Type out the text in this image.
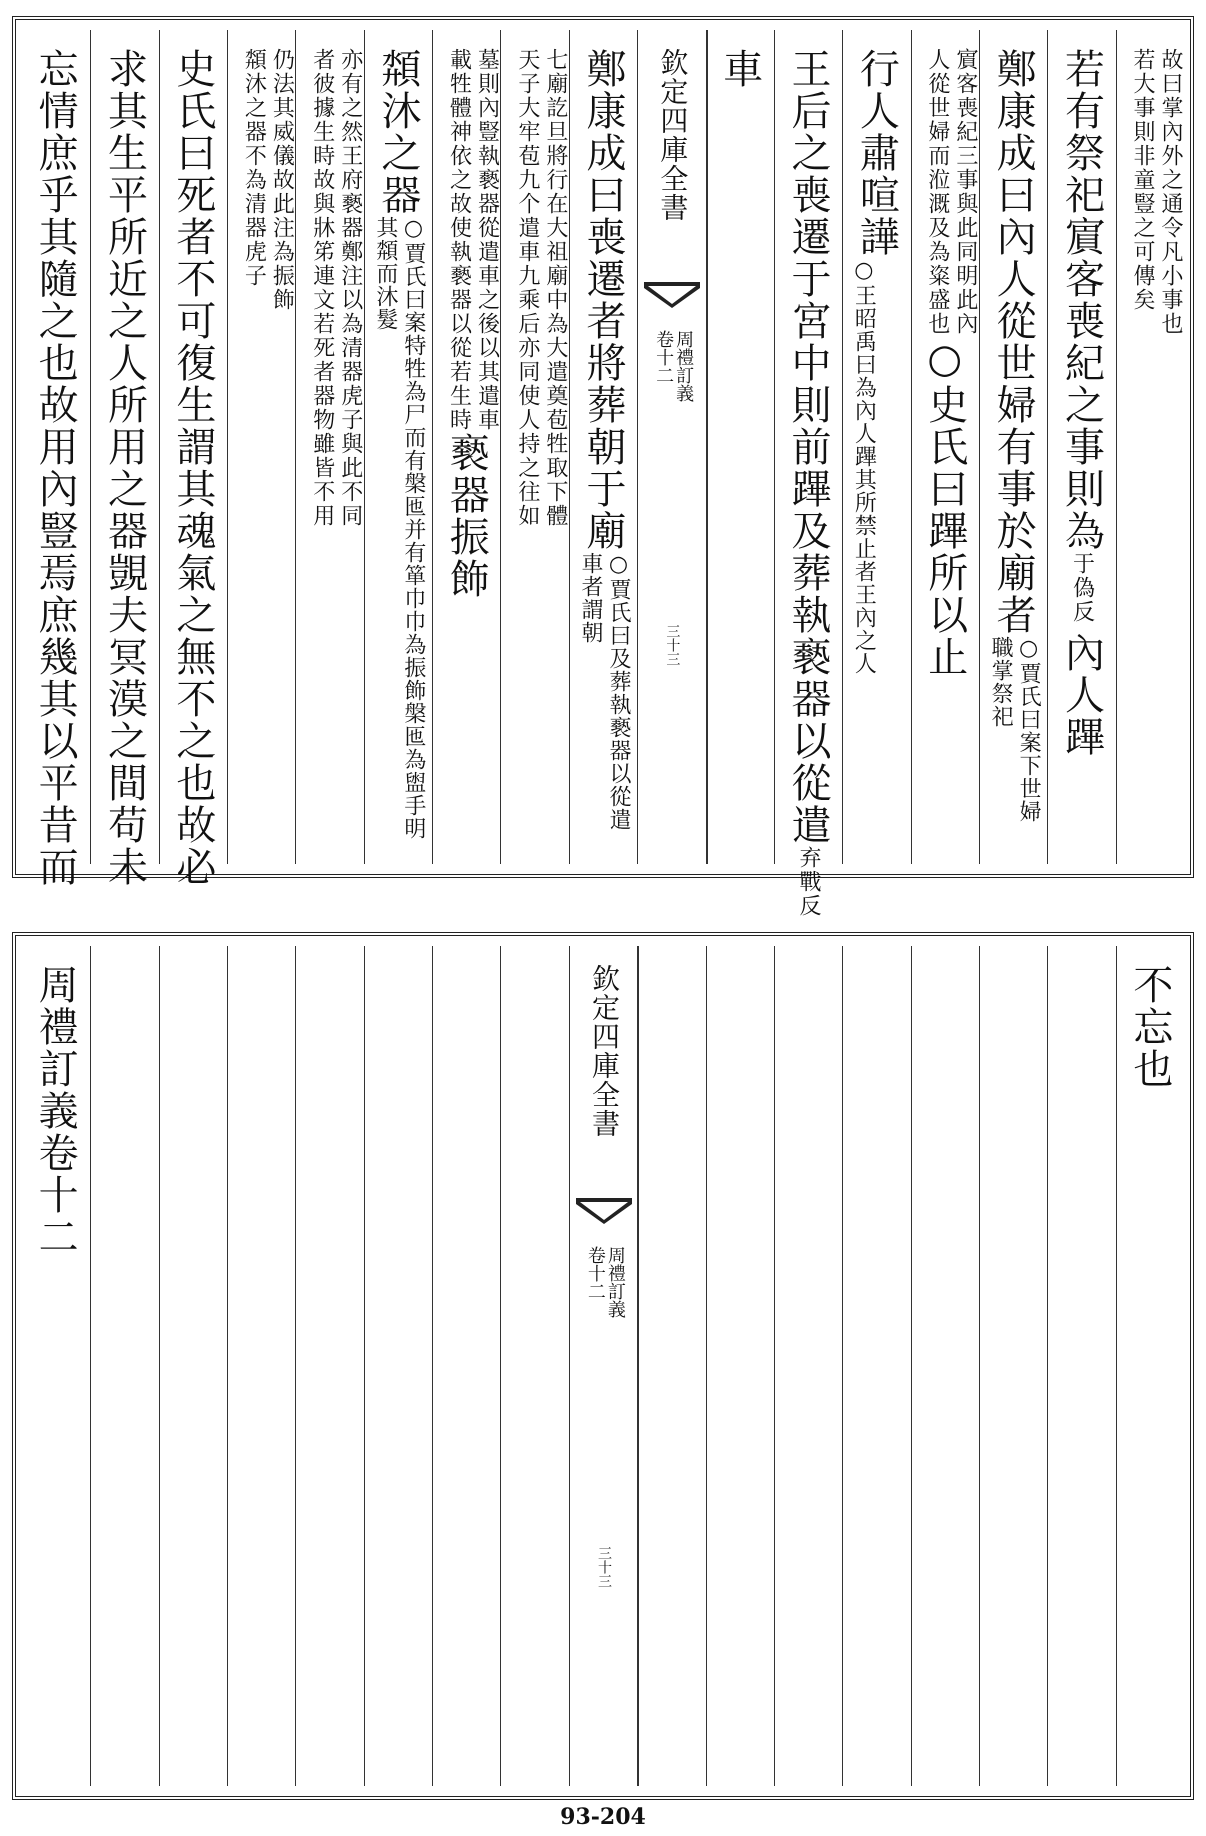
故曰掌內外之通令凡小事也
若大事則非童豎之可傳矣
若有祭祀賔客喪紀之事則為
于偽反
內人蹕
鄭康成曰內人從世婦有事於廟者
○賈氏曰案下世婦職掌祭祀
賔客喪紀三事與此同明此內
人從世婦而涖溉及為粢盛也
○史氏曰蹕所以止
行人肅喧譁
○王昭禹曰為內人蹕其所禁止者王內之人
王后之喪遷于宮中則前蹕及葬執褻器以從遣
弃戰反
車
欽定四庫全書
周禮訂義
卷十二
三十三
鄭康成曰喪遷者將葬朝于廟
○賈氏曰及葬執褻器以從遣車者謂朝
七廟訖旦將行在大祖廟中為大遣奠苞牲取下體
天子大牢苞九个遣車九乘后亦同使人持之往如
墓則內豎執褻器從遣車之後以其遣車
載牲體神依之故使執褻器以從若生時
褻器振飾
頮沐之器
○賈氏曰案特牲為尸而有槃匜并有箪巾巾為振飾槃匜為盥手明其頮而沐髮
亦有之然王府褻器鄭注以為清器虎子與此不同
者彼據生時故與牀笫連文若死者器物雖皆不用
仍法其威儀故此注為振飾
頮沐之器不為清器虎子
史氏曰死者不可復生謂其魂氣之無不之也故必
求其生平所近之人所用之器覬夫冥漠之間苟未
忘情庶乎其隨之也故用內豎焉庶幾其以平昔而
不忘也
欽定四庫全書
周禮訂義
卷十二
三十三
周禮訂義卷十二
93-204
